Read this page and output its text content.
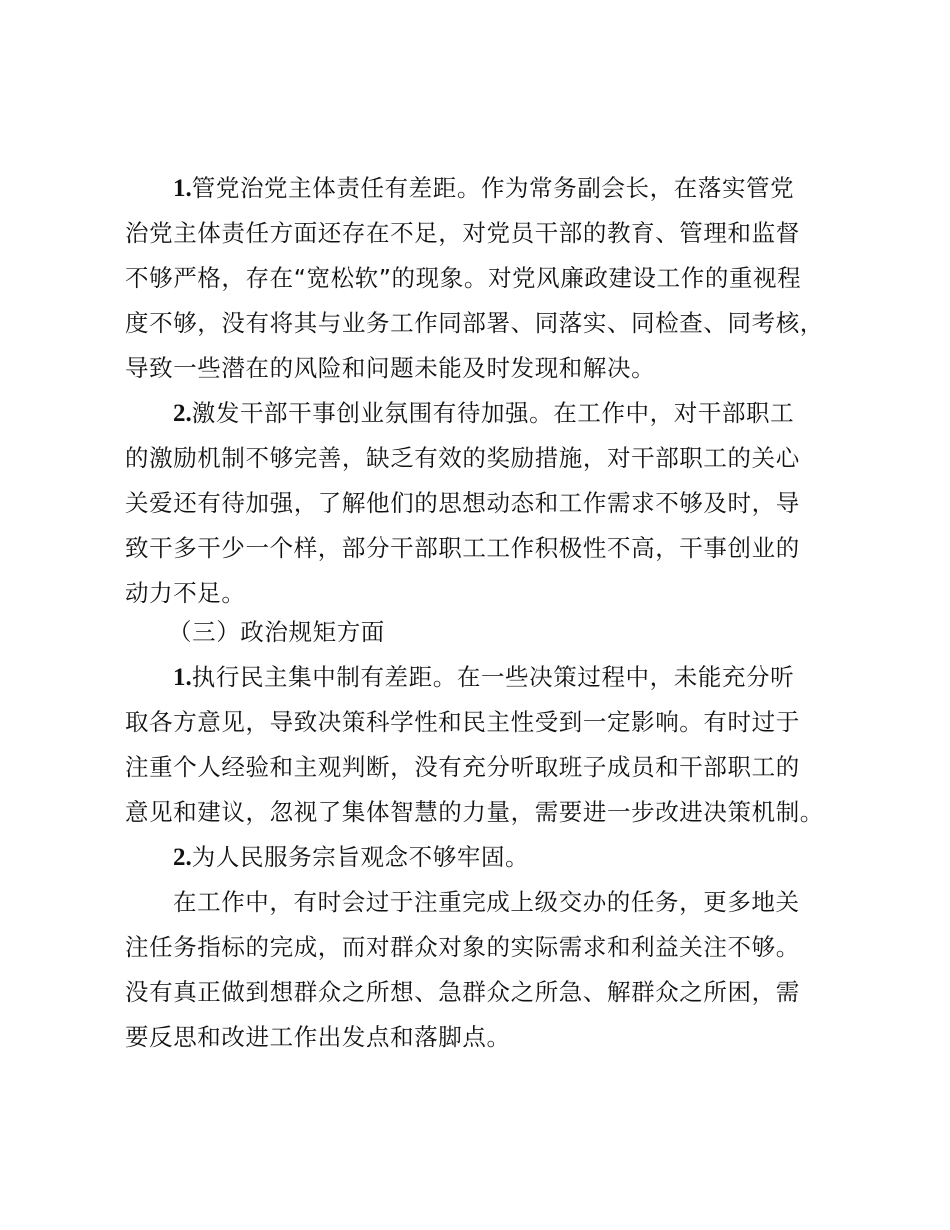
1.管党治党主体责任有差距。作为常务副会长，在落实管党
治党主体责任方面还存在不足，对党员干部的教育、管理和监督
不够严格，存在“宽松软”的现象。对党风廉政建设工作的重视程
度不够，没有将其与业务工作同部署、同落实、同检查、同考核，
导致一些潜在的风险和问题未能及时发现和解决。
2.激发干部干事创业氛围有待加强。在工作中，对干部职工
的激励机制不够完善，缺乏有效的奖励措施，对干部职工的关心
关爱还有待加强，了解他们的思想动态和工作需求不够及时，导
致干多干少一个样，部分干部职工工作积极性不高，干事创业的
动力不足。
（三）政治规矩方面
1.执行民主集中制有差距。在一些决策过程中，未能充分听
取各方意见，导致决策科学性和民主性受到一定影响。有时过于
注重个人经验和主观判断，没有充分听取班子成员和干部职工的
意见和建议，忽视了集体智慧的力量，需要进一步改进决策机制。
2.为人民服务宗旨观念不够牢固。
在工作中，有时会过于注重完成上级交办的任务，更多地关
注任务指标的完成，而对群众对象的实际需求和利益关注不够。
没有真正做到想群众之所想、急群众之所急、解群众之所困，需
要反思和改进工作出发点和落脚点。
